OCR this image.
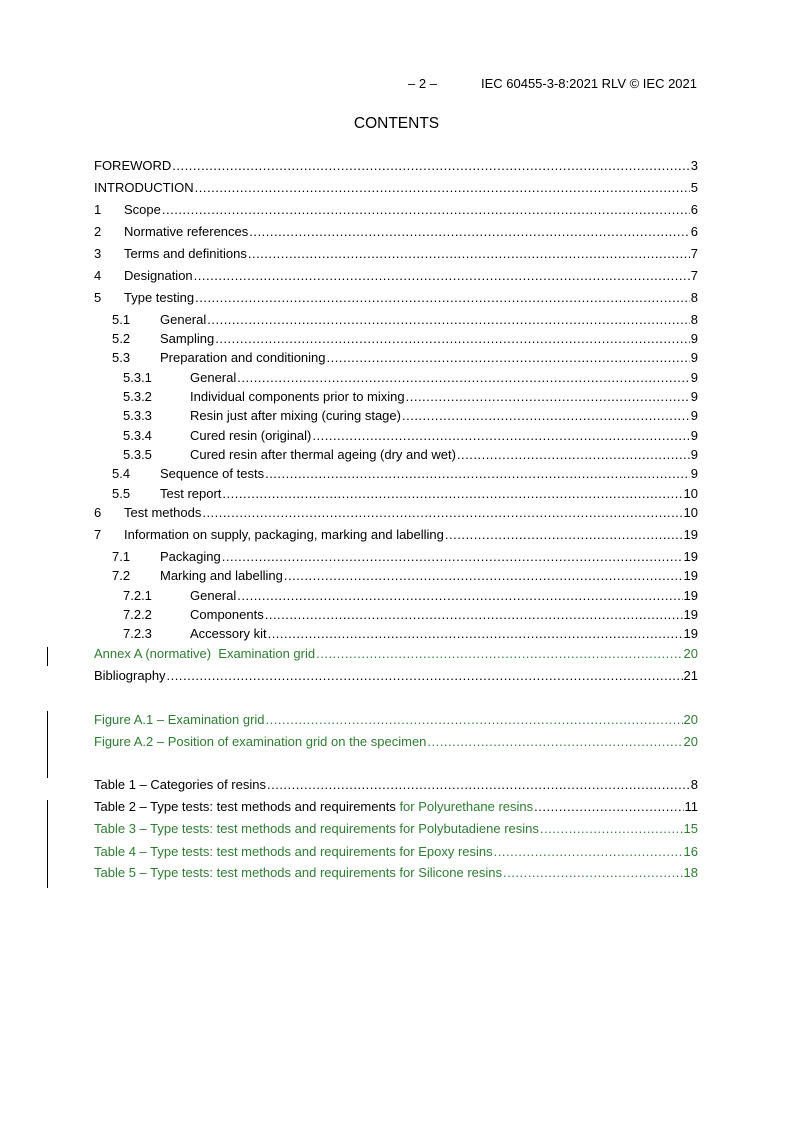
– 2 –	IEC 60455-3-8:2021 RLV © IEC 2021
CONTENTS
FOREWORD .....	3
INTRODUCTION .....	5
1	Scope .....	6
2	Normative references .....	6
3	Terms and definitions .....	7
4	Designation .....	7
5	Type testing .....	8
5.1	General .....	8
5.2	Sampling .....	9
5.3	Preparation and conditioning .....	9
5.3.1	General .....	9
5.3.2	Individual components prior to mixing .....	9
5.3.3	Resin just after mixing (curing stage) .....	9
5.3.4	Cured resin (original) .....	9
5.3.5	Cured resin after thermal ageing (dry and wet) .....	9
5.4	Sequence of tests .....	9
5.5	Test report .....	10
6	Test methods .....	10
7	Information on supply, packaging, marking and labelling .....	19
7.1	Packaging .....	19
7.2	Marking and labelling .....	19
7.2.1	General .....	19
7.2.2	Components .....	19
7.2.3	Accessory kit .....	19
Annex A (normative)  Examination grid .....	20
Bibliography .....	21
Figure A.1 – Examination grid .....	20
Figure A.2 – Position of examination grid on the specimen .....	20
Table 1 – Categories of resins .....	8
Table 2 – Type tests: test methods and requirements for Polyurethane resins .....	11
Table 3 – Type tests: test methods and requirements for Polybutadiene resins .....	15
Table 4 – Type tests: test methods and requirements for Epoxy resins .....	16
Table 5 – Type tests: test methods and requirements for Silicone resins .....	18
